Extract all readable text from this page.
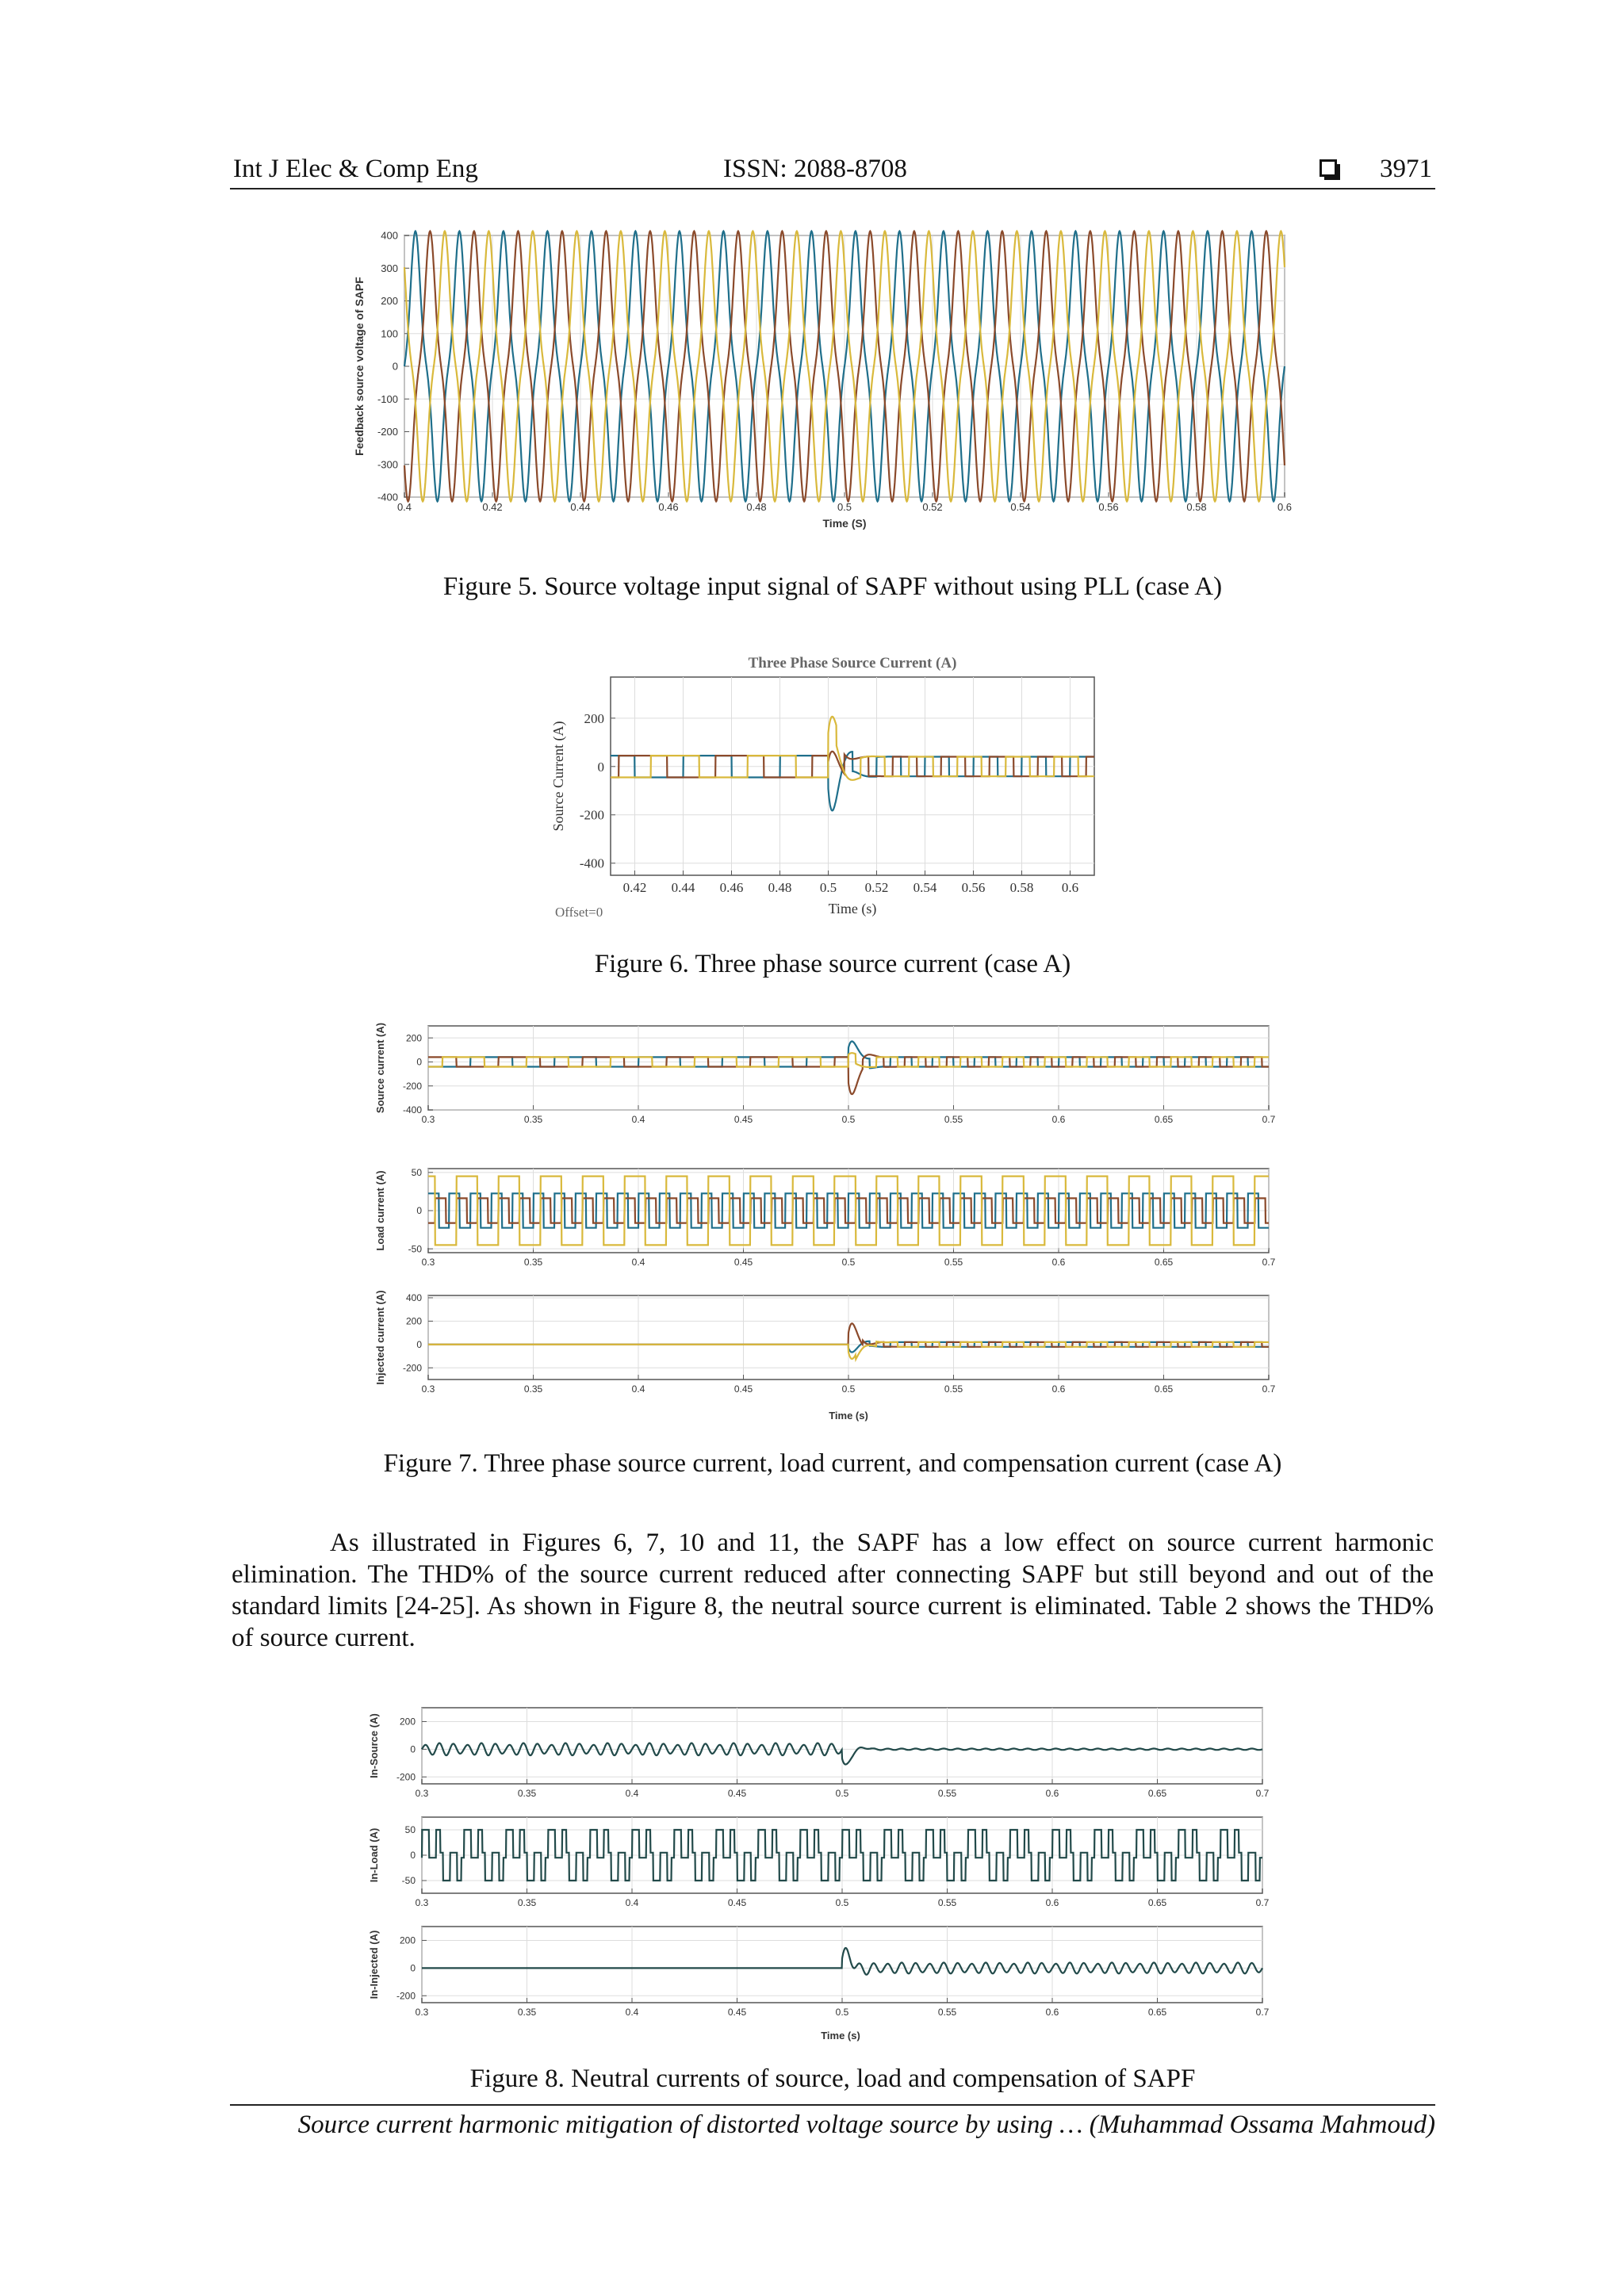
Int J Elec & Comp Eng	ISSN: 2088-8708	3971
0.4	0.42	0.44	0.46	0.48	0.5	0.52	0.54	0.56	0.58	0.6
400
300
200
100
0
-100
-200
-300
-400
Feedback source voltage of SAPF
Time (S)
Figure 5. Source voltage input signal of SAPF without using PLL (case A)
Three Phase Source Current (A)
0.42 0.44 0.46 0.48 0.5 0.52 0.54 0.56 0.58 0.6
200
0
-200
-400
Source Current (A)
Time (s)
Offset=0
Figure 6. Three phase source current (case A)
0.3	0.35	0.4	0.45	0.5	0.55	0.6	0.65	0.7
200
0
-200
-400
Source current (A)
0.3	0.35	0.4	0.45	0.5	0.55	0.6	0.65	0.7
50
0
-50
Load current (A)
0.3	0.35	0.4	0.45	0.5	0.55	0.6	0.65	0.7
400
200
0
-200
Injected current (A)
Time (s)
Figure 7. Three phase source current, load current, and compensation current (case A)
As illustrated in Figures 6, 7, 10 and 11, the SAPF has a low effect on source current harmonic elimination. The THD% of the source current reduced after connecting SAPF but still beyond and out of the standard limits [24-25]. As shown in Figure 8, the neutral source current is eliminated. Table 2 shows the THD% of source current.
0.3	0.35	0.4	0.45	0.5	0.55	0.6	0.65	0.7
200
0
-200
In-Source (A)
0.3	0.35	0.4	0.45	0.5	0.55	0.6	0.65	0.7
50
0
-50
In-Load (A)
0.3	0.35	0.4	0.45	0.5	0.55	0.6	0.65	0.7
200
0
-200
In-Injected (A)
Time (s)
Figure 8. Neutral currents of source, load and compensation of SAPF
Source current harmonic mitigation of distorted voltage source by using … (Muhammad Ossama Mahmoud)
